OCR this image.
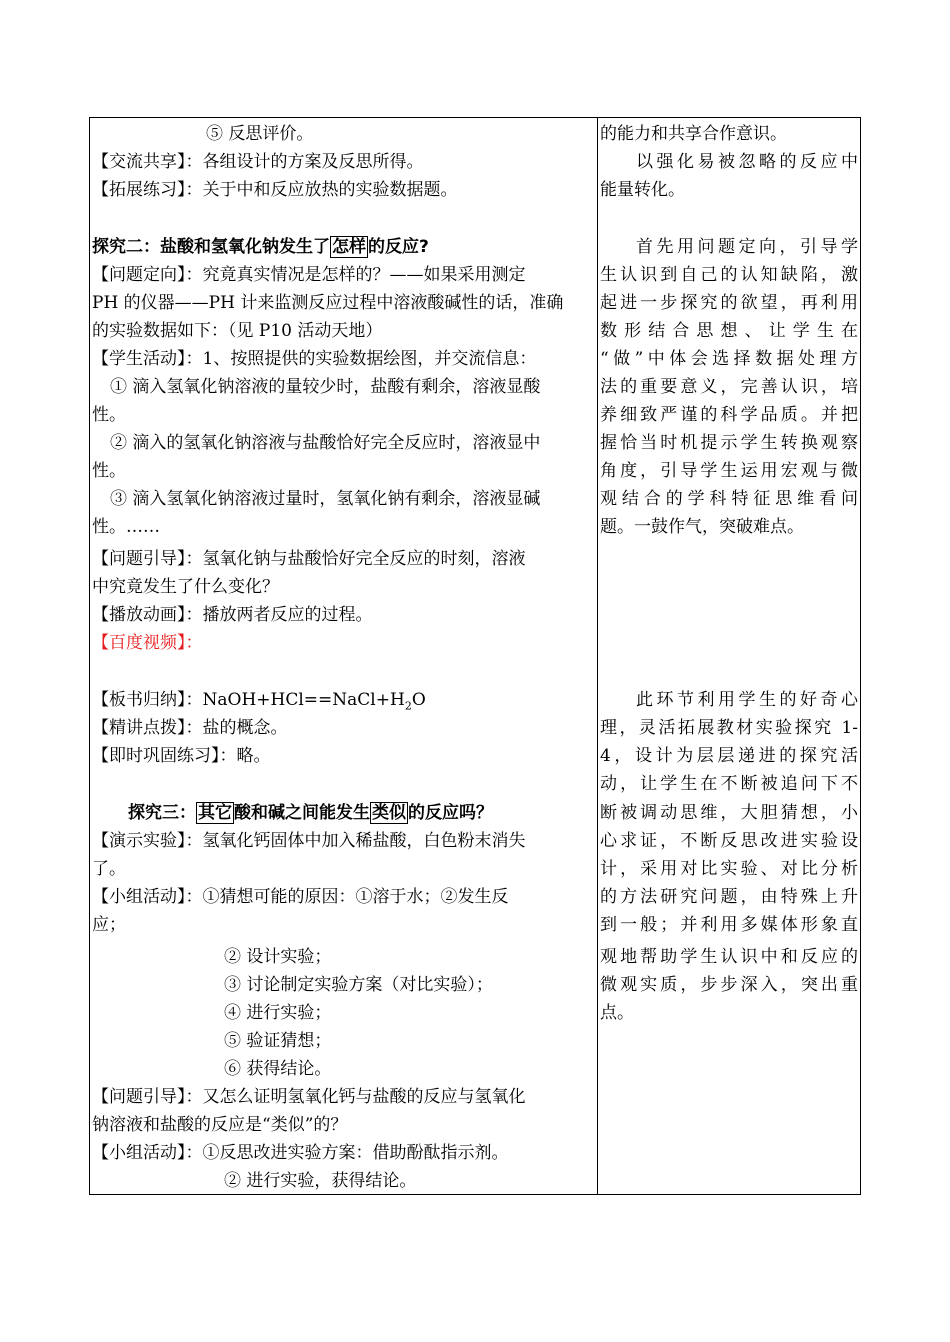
⑤ 反思评价。
【交流共享】：各组设计的方案及反思所得。
【拓展练习】：关于中和反应放热的实验数据题。
探究二：盐酸和氢氧化钠发生了 怎样 的反应?
【问题定向】：究竟真实情况是怎样的？——如果采用测定
PH 的仪器——PH 计来监测反应过程中溶液酸碱性的话，准确
的实验数据如下：（见 P10 活动天地）
【学生活动】：1、按照提供的实验数据绘图，并交流信息：
① 滴入氢氧化钠溶液的量较少时，盐酸有剩余，溶液显酸
性。
② 滴入的氢氧化钠溶液与盐酸恰好完全反应时，溶液显中
性。
③ 滴入氢氧化钠溶液过量时，氢氧化钠有剩余，溶液显碱
性。……
【问题引导】：氢氧化钠与盐酸恰好完全反应的时刻，溶液
中究竟发生了什么变化？
【播放动画】：播放两者反应的过程。
【百度视频】：
【板书归纳】：$NaOH+HCl==NaCl+H_2O$
【精讲点拨】：盐的概念。
【即时巩固练习】：略。
探究三： 其它 酸和碱之间能发生 类似 的反应吗？
【演示实验】：氢氧化钙固体中加入稀盐酸，白色粉末消失
了。
【小组活动】：①猜想可能的原因：①溶于水；②发生反
应；
② 设计实验；
③ 讨论制定实验方案（对比实验）；
④ 进行实验；
⑤ 验证猜想；
⑥ 获得结论。
【问题引导】：又怎么证明氢氧化钙与盐酸的反应与氢氧化
钠溶液和盐酸的反应是“类似”的？
【小组活动】：①反思改进实验方案：借助酚酞指示剂。
② 进行实验，获得结论。
的能力和共享合作意识。
以强化易被忽略的反应中
能量转化。
首先用问题定向，引导学
生认识到自己的认知缺陷，激
起进一步探究的欲望，再利用
数形结合思想、让学生在
“做”中体会选择数据处理方
法的重要意义，完善认识，培
养细致严谨的科学品质。并把
握恰当时机提示学生转换观察
角度，引导学生运用宏观与微
观结合的学科特征思维看问
题。一鼓作气，突破难点。
此环节利用学生的好奇心
理，灵活拓展教材实验探究 1-
4，设计为层层递进的探究活
动，让学生在不断被追问下不
断被调动思维，大胆猜想，小
心求证，不断反思改进实验设
计，采用对比实验、对比分析
的方法研究问题，由特殊上升
到一般；并利用多媒体形象直
观地帮助学生认识中和反应的
微观实质，步步深入，突出重
点。
